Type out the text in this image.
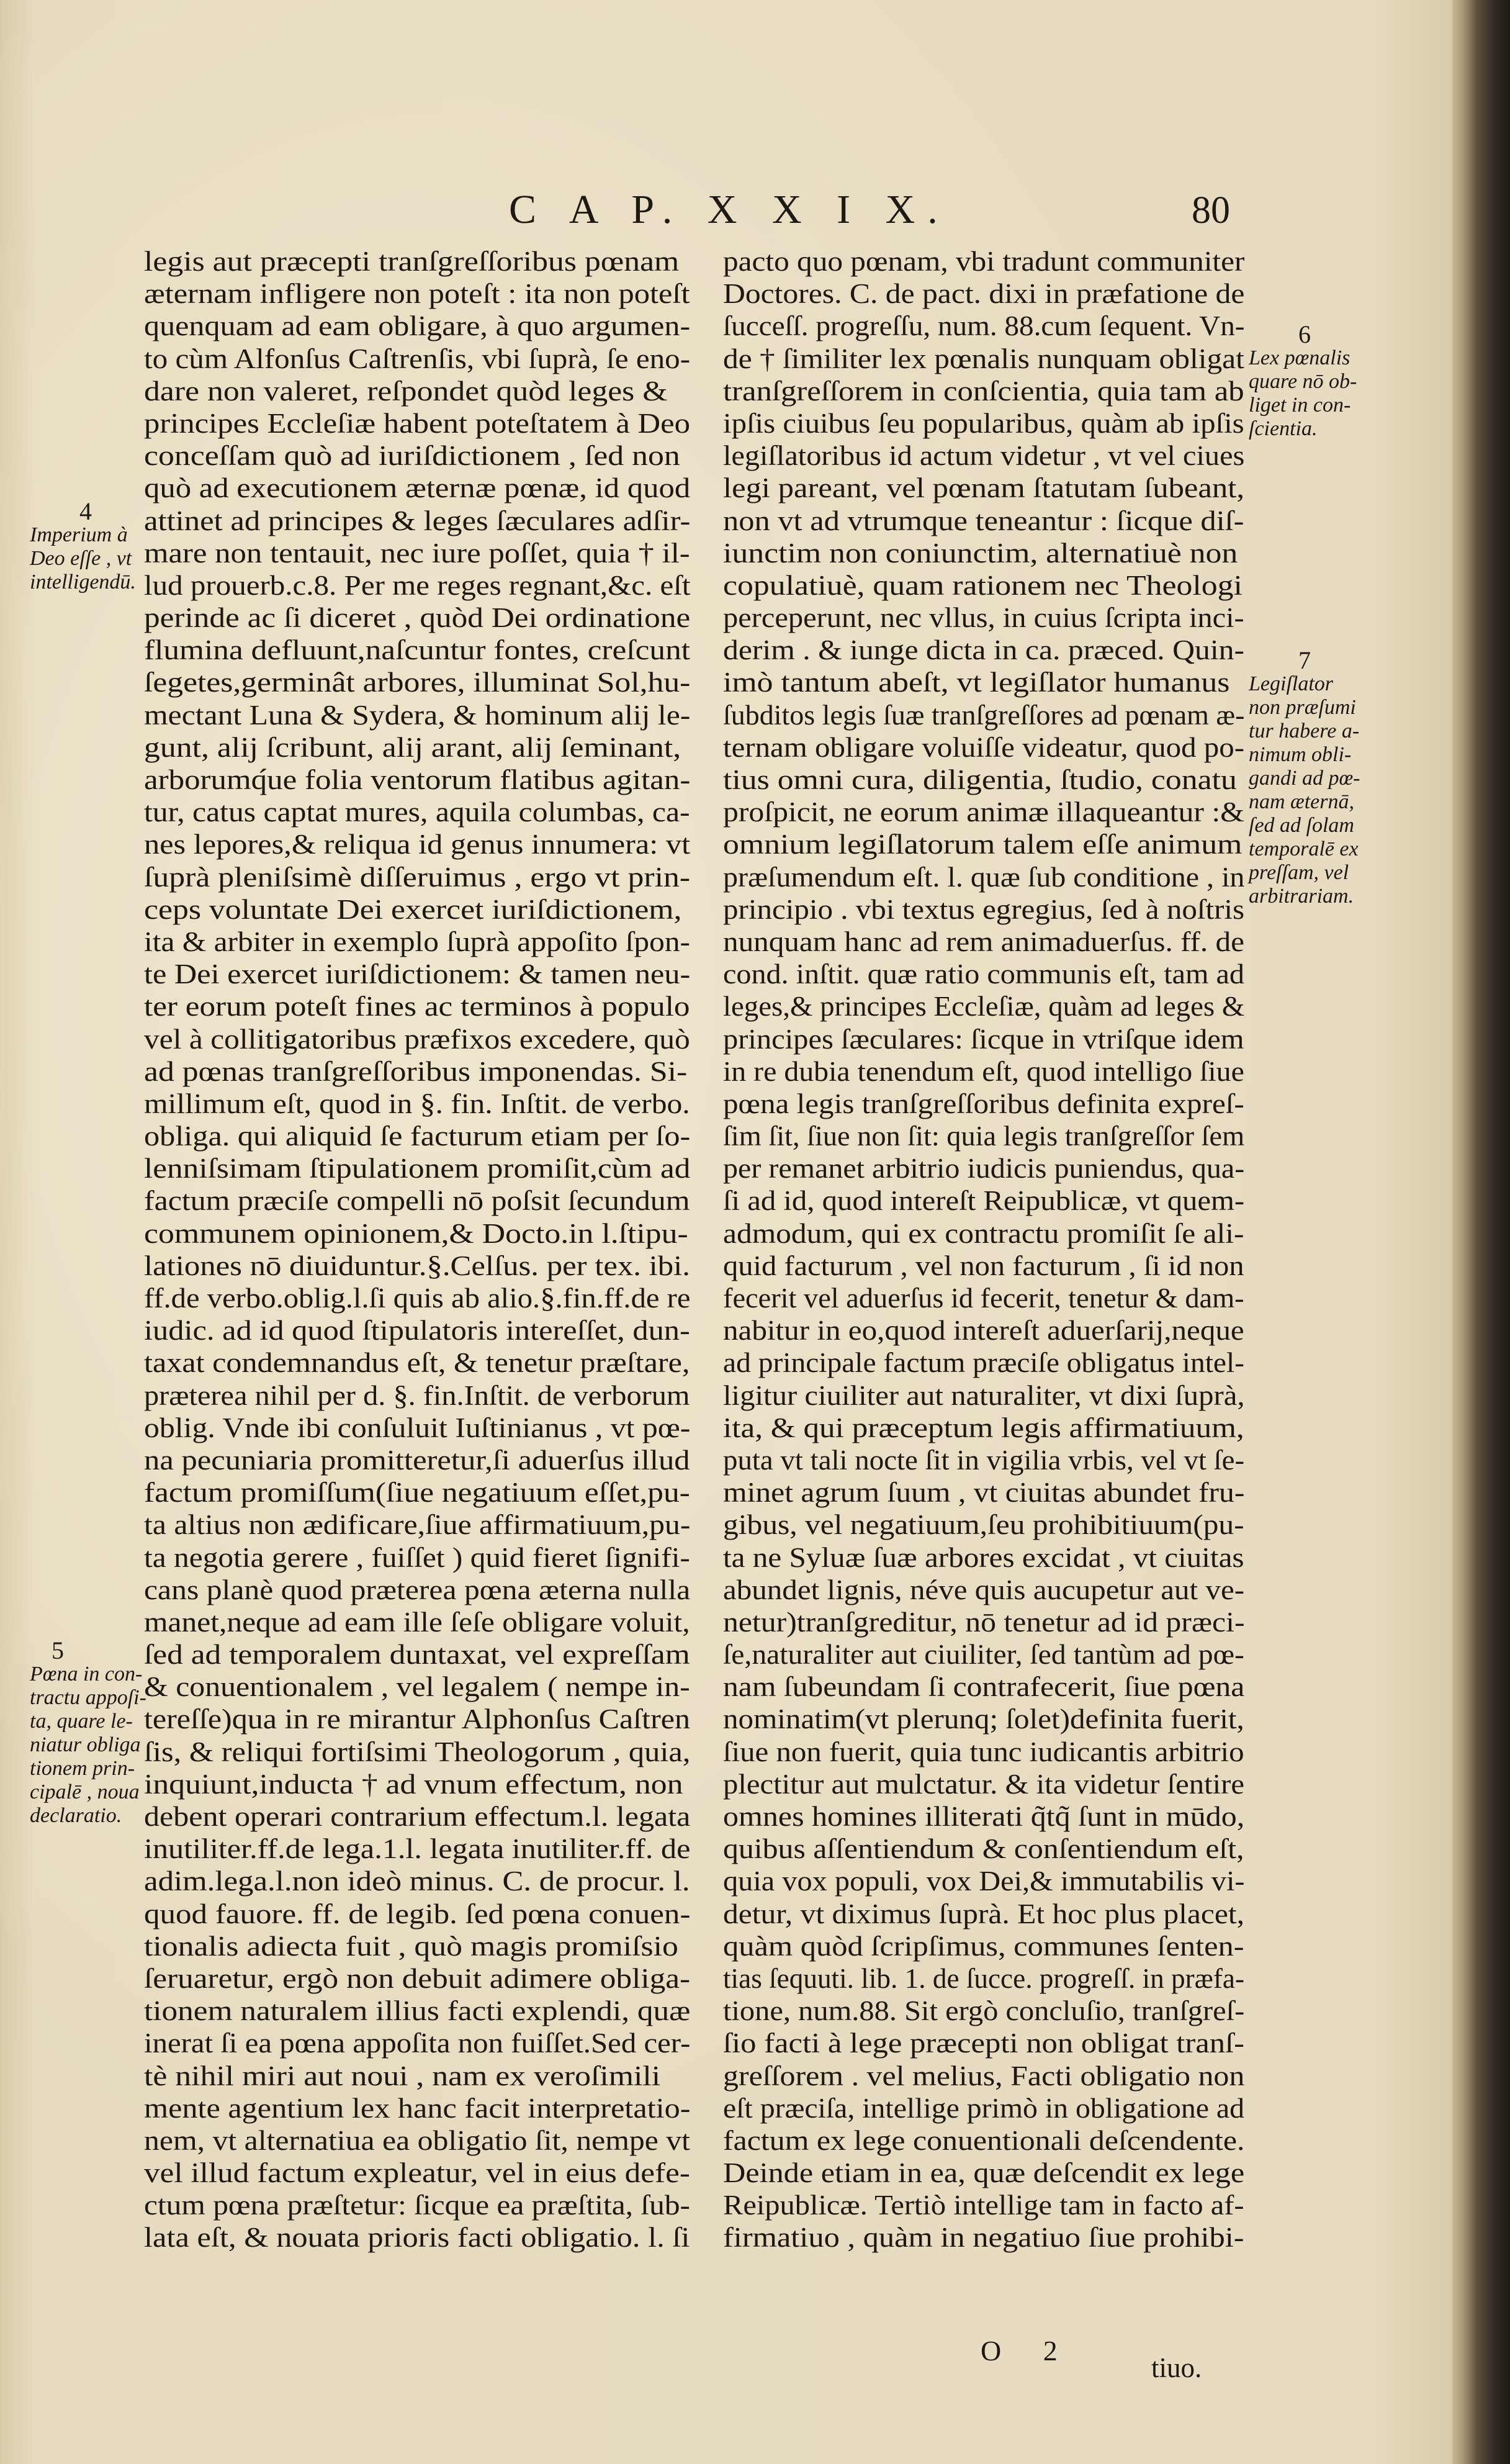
C A P. X X I X.	80
legis aut præcepti tranſgreſſoribus pœnam
æternam infligere non poteſt : ita non poteſt
quenquam ad eam obligare, à quo argumen-
to cùm Alfonſus Caſtrenſis, vbi ſuprà, ſe eno-
dare non valeret, reſpondet quòd leges &
principes Eccleſiæ habent poteſtatem à Deo
conceſſam quò ad iuriſdictionem , ſed non
quò ad executionem æternæ pœnæ, id quod
attinet ad principes & leges ſæculares adſir-
mare non tentauit, nec iure poſſet, quia † il-
lud prouerb.c.8. Per me reges regnant,&c. eſt
perinde ac ſi diceret , quòd Dei ordinatione
flumina defluunt,naſcuntur fontes, creſcunt
ſegetes,germinât arbores, illuminat Sol,hu-
mectant Luna & Sydera, & hominum alij le-
gunt, alij ſcribunt, alij arant, alij ſeminant,
arborumq́ue folia ventorum flatibus agitan-
tur, catus captat mures, aquila columbas, ca-
nes lepores,& reliqua id genus innumera: vt
ſuprà pleniſsimè diſſeruimus , ergo vt prin-
ceps voluntate Dei exercet iuriſdictionem,
ita & arbiter in exemplo ſuprà appoſito ſpon-
te Dei exercet iuriſdictionem: & tamen neu-
ter eorum poteſt fines ac terminos à populo
vel à collitigatoribus præfixos excedere, quò
ad pœnas tranſgreſſoribus imponendas. Si-
millimum eſt, quod in §. fin. Inſtit. de verbo.
obliga. qui aliquid ſe facturum etiam per ſo-
lenniſsimam ſtipulationem promiſit,cùm ad
factum præciſe compelli nō poſsit ſecundum
communem opinionem,& Docto.in l.ſtipu-
lationes nō diuiduntur.§.Celſus. per tex. ibi.
ff.de verbo.oblig.l.ſi quis ab alio.§.fin.ff.de re
iudic. ad id quod ſtipulatoris intereſſet, dun-
taxat condemnandus eſt, & tenetur præſtare,
præterea nihil per d. §. fin.Inſtit. de verborum
oblig. Vnde ibi conſuluit Iuſtinianus , vt pœ-
na pecuniaria promitteretur,ſi aduerſus illud
factum promiſſum(ſiue negatiuum eſſet,pu-
ta altius non ædificare,ſiue affirmatiuum,pu-
ta negotia gerere , fuiſſet ) quid fieret ſignifi-
cans planè quod præterea pœna æterna nulla
manet,neque ad eam ille ſeſe obligare voluit,
ſed ad temporalem duntaxat, vel expreſſam
& conuentionalem , vel legalem ( nempe in-
tereſſe)qua in re mirantur Alphonſus Caſtren
ſis, & reliqui fortiſsimi Theologorum , quia,
inquiunt,inducta † ad vnum effectum, non
debent operari contrarium effectum.l. legata
inutiliter.ff.de lega.1.l. legata inutiliter.ff. de
adim.lega.l.non ideò minus. C. de procur. l.
quod fauore. ff. de legib. ſed pœna conuen-
tionalis adiecta fuit , quò magis promiſsio
ſeruaretur, ergò non debuit adimere obliga-
tionem naturalem illius facti explendi, quæ
inerat ſi ea pœna appoſita non fuiſſet.Sed cer-
tè nihil miri aut noui , nam ex veroſimili
mente agentium lex hanc facit interpretatio-
nem, vt alternatiua ea obligatio ſit, nempe vt
vel illud factum expleatur, vel in eius defe-
ctum pœna præſtetur: ſicque ea præſtita, ſub-
lata eſt, & nouata prioris facti obligatio. l. ſi
pacto quo pœnam, vbi tradunt communiter
Doctores. C. de pact. dixi in præfatione de
ſucceſſ. progreſſu, num. 88.cum ſequent. Vn-
de † ſimiliter lex pœnalis nunquam obligat
tranſgreſſorem in conſcientia, quia tam ab
ipſis ciuibus ſeu popularibus, quàm ab ipſis
legiſlatoribus id actum videtur , vt vel ciues
legi pareant, vel pœnam ſtatutam ſubeant,
non vt ad vtrumque teneantur : ſicque diſ-
iunctim non coniunctim, alternatiuè non
copulatiuè, quam rationem nec Theologi
perceperunt, nec vllus, in cuius ſcripta inci-
derim . & iunge dicta in ca. præced. Quin-
imò tantum abeſt, vt legiſlator humanus
ſubditos legis ſuæ tranſgreſſores ad pœnam æ-
ternam obligare voluiſſe videatur, quod po-
tius omni cura, diligentia, ſtudio, conatu
proſpicit, ne eorum animæ illaqueantur :&
omnium legiſlatorum talem eſſe animum
præſumendum eſt. l. quæ ſub conditione , in
principio . vbi textus egregius, ſed à noſtris
nunquam hanc ad rem animaduerſus. ff. de
cond. inſtit. quæ ratio communis eſt, tam ad
leges,& principes Eccleſiæ, quàm ad leges &
principes ſæculares: ſicque in vtriſque idem
in re dubia tenendum eſt, quod intelligo ſiue
pœna legis tranſgreſſoribus definita expreſ-
ſim ſit, ſiue non ſit: quia legis tranſgreſſor ſem
per remanet arbitrio iudicis puniendus, qua-
ſi ad id, quod intereſt Reipublicæ, vt quem-
admodum, qui ex contractu promiſit ſe ali-
quid facturum , vel non facturum , ſi id non
fecerit vel aduerſus id fecerit, tenetur & dam-
nabitur in eo,quod intereſt aduerſarij,neque
ad principale factum præciſe obligatus intel-
ligitur ciuiliter aut naturaliter, vt dixi ſuprà,
ita, & qui præceptum legis affirmatiuum,
puta vt tali nocte ſit in vigilia vrbis, vel vt ſe-
minet agrum ſuum , vt ciuitas abundet fru-
gibus, vel negatiuum,ſeu prohibitiuum(pu-
ta ne Syluæ ſuæ arbores excidat , vt ciuitas
abundet lignis, néve quis aucupetur aut ve-
netur)tranſgreditur, nō tenetur ad id præci-
ſe,naturaliter aut ciuiliter, ſed tantùm ad pœ-
nam ſubeundam ſi contrafecerit, ſiue pœna
nominatim(vt plerunq; ſolet)definita fuerit,
ſiue non fuerit, quia tunc iudicantis arbitrio
plectitur aut mulctatur. & ita videtur ſentire
omnes homines illiterati q̃tq̃ ſunt in mūdo,
quibus aſſentiendum & conſentiendum eſt,
quia vox populi, vox Dei,& immutabilis vi-
detur, vt diximus ſuprà. Et hoc plus placet,
quàm quòd ſcripſimus, communes ſenten-
tias ſequuti. lib. 1. de ſucce. progreſſ. in præfa-
tione, num.88. Sit ergò concluſio, tranſgreſ-
ſio facti à lege præcepti non obligat tranſ-
greſſorem . vel melius, Facti obligatio non
eſt præciſa, intellige primò in obligatione ad
factum ex lege conuentionali deſcendente.
Deinde etiam in ea, quæ deſcendit ex lege
Reipublicæ. Tertiò intellige tam in facto af-
firmatiuo , quàm in negatiuo ſiue prohibi-
4
Imperium à
Deo eſſe , vt
intelligendū.
5
Pœna in con-
tractu appoſi-
ta, quare le-
niatur obliga
tionem prin-
cipalē , noua
declaratio.
6
Lex pœnalis
quare nō ob-
liget in con-
ſcientia.
7
Legiſlator
non præſumi
tur habere a-
nimum obli-
gandi ad pœ-
nam æternā,
ſed ad ſolam
temporalē ex
preſſam, vel
arbitrariam.
O 2
tiuo.
